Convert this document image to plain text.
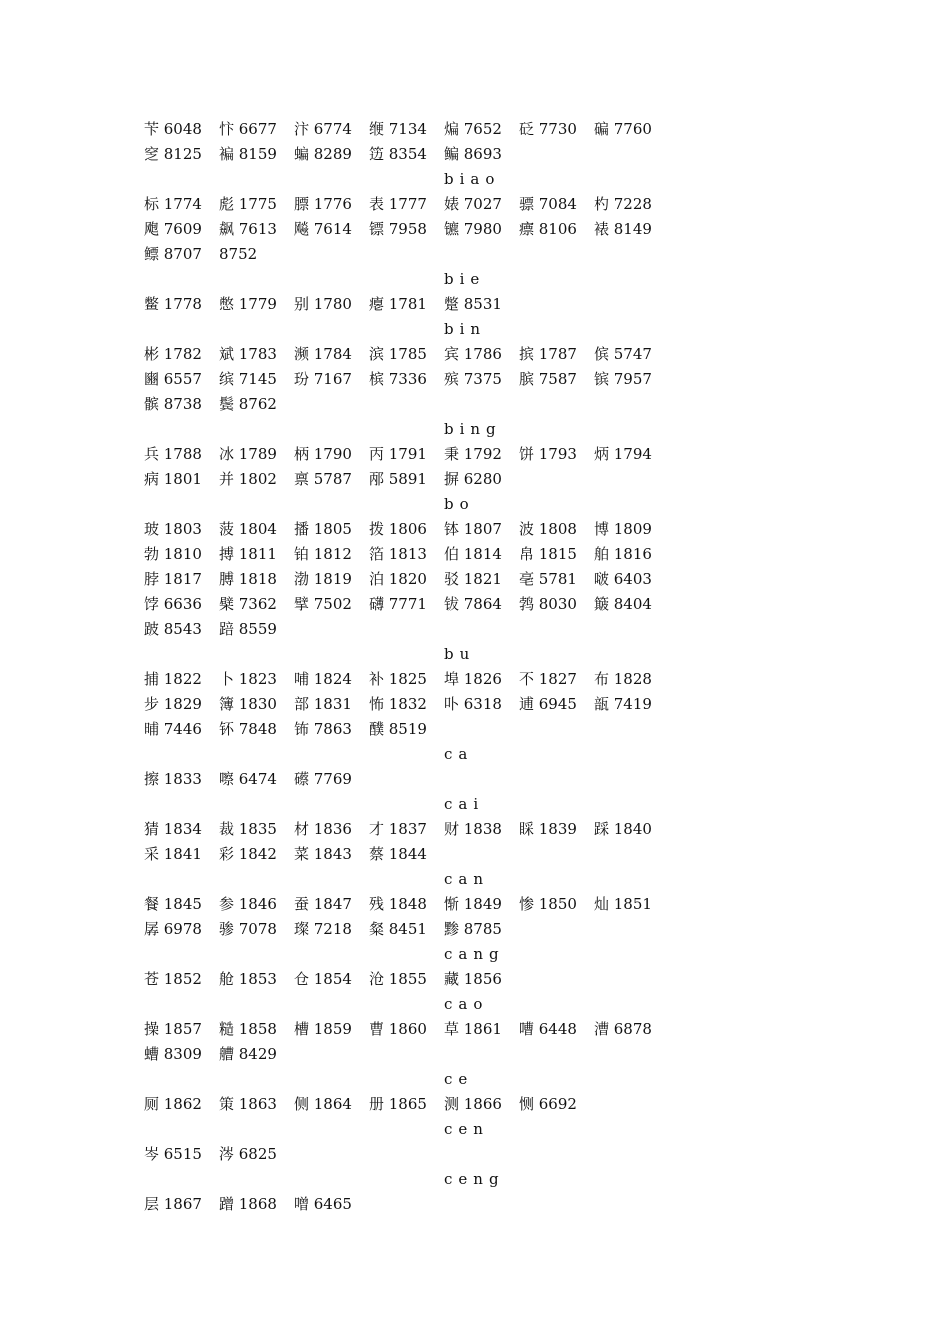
苄 6048	忭 6677	汴 6774	缏 7134	煸 7652	砭 7730	碥 7760
窆 8125	褊 8159	蝙 8289	笾 8354	鳊 8693
biao
标 1774	彪 1775	膘 1776	表 1777	婊 7027	骠 7084	杓 7228
飑 7609	飙 7613	飚 7614	镖 7958	镳 7980	瘭 8106	裱 8149
鳔 8707	8752
bie
鳖 1778	憋 1779	别 1780	瘪 1781	蹩 8531
bin
彬 1782	斌 1783	濒 1784	滨 1785	宾 1786	摈 1787	傧 5747
豳 6557	缤 7145	玢 7167	槟 7336	殡 7375	膑 7587	镔 7957
髌 8738	鬓 8762
bing
兵 1788	冰 1789	柄 1790	丙 1791	秉 1792	饼 1793	炳 1794
病 1801	并 1802	禀 5787	邴 5891	摒 6280
bo
玻 1803	菠 1804	播 1805	拨 1806	钵 1807	波 1808	博 1809
勃 1810	搏 1811	铂 1812	箔 1813	伯 1814	帛 1815	舶 1816
脖 1817	膊 1818	渤 1819	泊 1820	驳 1821	亳 5781	啵 6403
饽 6636	檗 7362	擘 7502	礴 7771	钹 7864	鹁 8030	簸 8404
跛 8543	踣 8559
bu
捕 1822	卜 1823	哺 1824	补 1825	埠 1826	不 1827	布 1828
步 1829	簿 1830	部 1831	怖 1832	卟 6318	逋 6945	瓿 7419
晡 7446	钚 7848	钸 7863	醭 8519
ca
擦 1833	嚓 6474	礤 7769
cai
猜 1834	裁 1835	材 1836	才 1837	财 1838	睬 1839	踩 1840
采 1841	彩 1842	菜 1843	蔡 1844
can
餐 1845	参 1846	蚕 1847	残 1848	惭 1849	惨 1850	灿 1851
孱 6978	骖 7078	璨 7218	粲 8451	黪 8785
cang
苍 1852	舱 1853	仓 1854	沧 1855	藏 1856
cao
操 1857	糙 1858	槽 1859	曹 1860	草 1861	嘈 6448	漕 6878
螬 8309	艚 8429
ce
厕 1862	策 1863	侧 1864	册 1865	测 1866	恻 6692
cen
岑 6515	涔 6825
ceng
层 1867	蹭 1868	噌 6465
